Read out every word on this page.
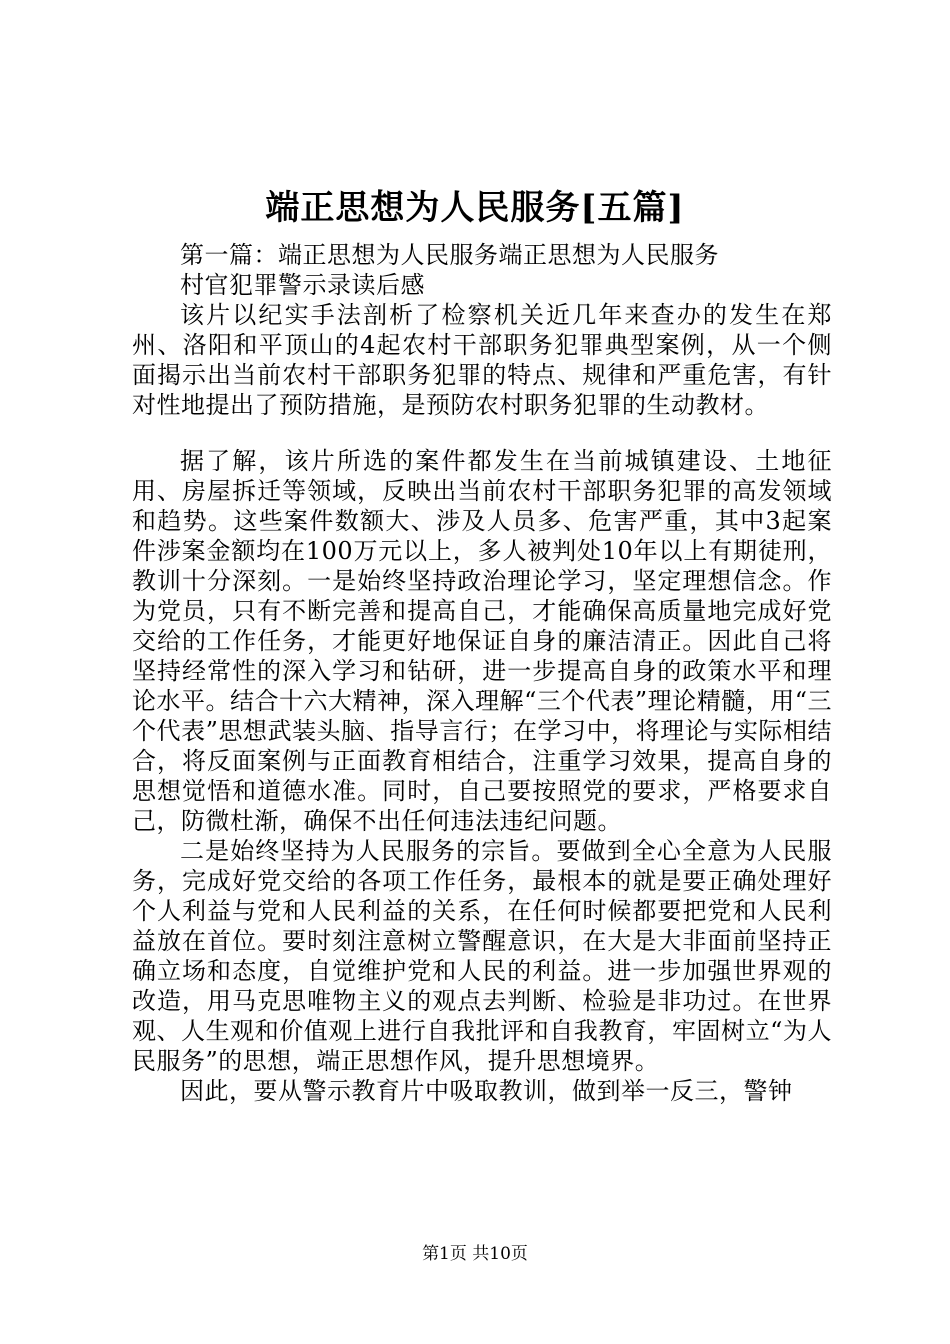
端正思想为人民服务[五篇]

第一篇：端正思想为人民服务端正思想为人民服务

村官犯罪警示录读后感

该片以纪实手法剖析了检察机关近几年来查办的发生在郑州、洛阳和平顶山的4起农村干部职务犯罪典型案例，从一个侧面揭示出当前农村干部职务犯罪的特点、规律和严重危害，有针对性地提出了预防措施，是预防农村职务犯罪的生动教材。

据了解，该片所选的案件都发生在当前城镇建设、土地征用、房屋拆迁等领域，反映出当前农村干部职务犯罪的高发领域和趋势。这些案件数额大、涉及人员多、危害严重，其中3起案件涉案金额均在100万元以上，多人被判处10年以上有期徒刑，教训十分深刻。一是始终坚持政治理论学习，坚定理想信念。作为党员，只有不断完善和提高自己，才能确保高质量地完成好党交给的工作任务，才能更好地保证自身的廉洁清正。因此自己将坚持经常性的深入学习和钻研，进一步提高自身的政策水平和理论水平。结合十六大精神，深入理解“三个代表”理论精髓，用“三个代表”思想武装头脑、指导言行；在学习中，将理论与实际相结合，将反面案例与正面教育相结合，注重学习效果，提高自身的思想觉悟和道德水准。同时，自己要按照党的要求，严格要求自己，防微杜渐，确保不出任何违法违纪问题。

二是始终坚持为人民服务的宗旨。要做到全心全意为人民服务，完成好党交给的各项工作任务，最根本的就是要正确处理好个人利益与党和人民利益的关系，在任何时候都要把党和人民利益放在首位。要时刻注意树立警醒意识，在大是大非面前坚持正确立场和态度，自觉维护党和人民的利益。进一步加强世界观的改造，用马克思唯物主义的观点去判断、检验是非功过。在世界观、人生观和价值观上进行自我批评和自我教育，牢固树立“为人民服务”的思想，端正思想作风，提升思想境界。

因此，要从警示教育片中吸取教训，做到举一反三，警钟

第1页 共10页
